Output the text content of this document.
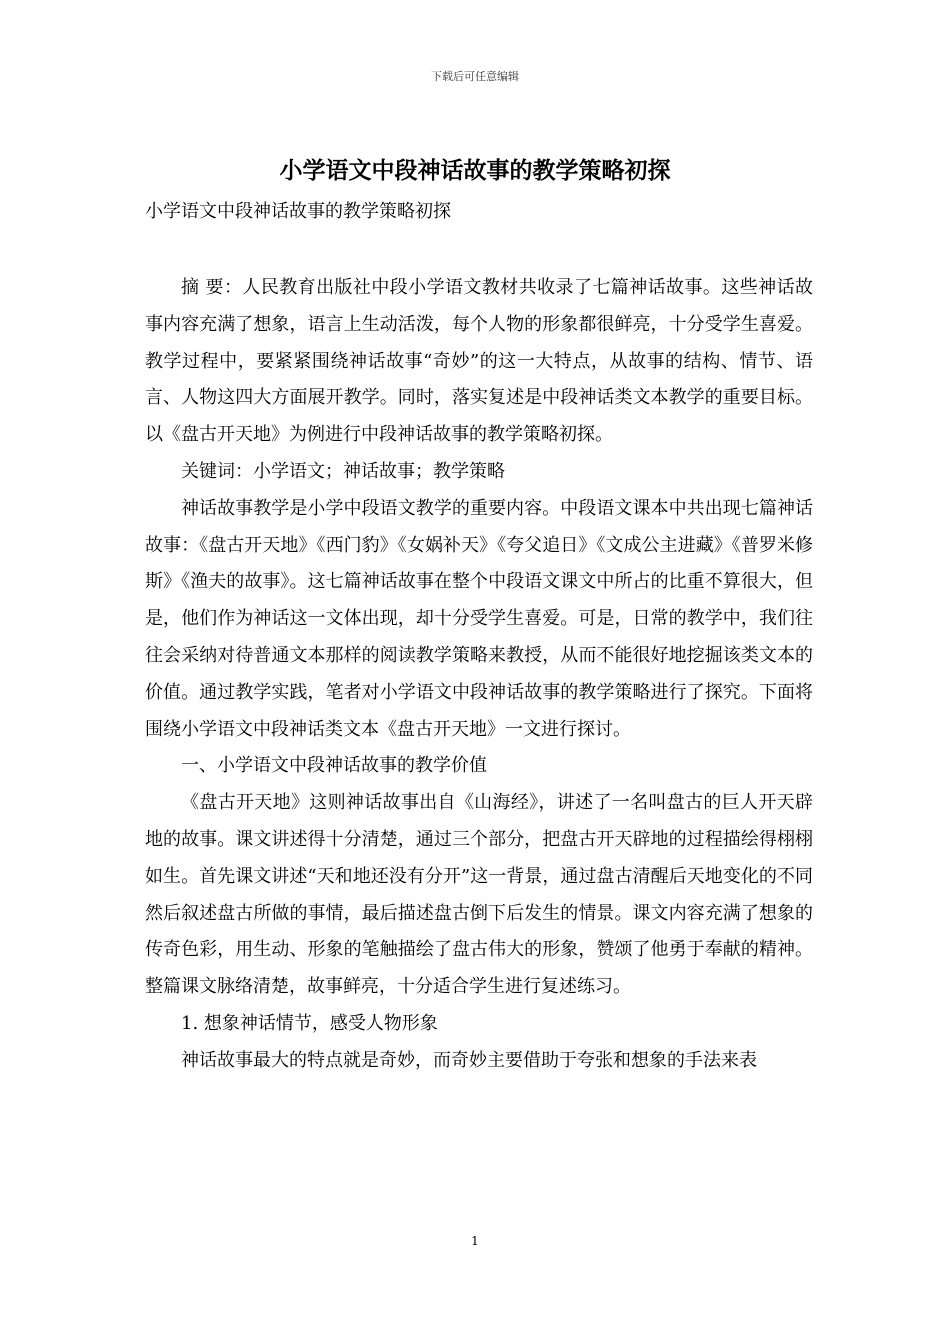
下载后可任意编辑
小学语文中段神话故事的教学策略初探
小学语文中段神话故事的教学策略初探

摘 要：人民教育出版社中段小学语文教材共收录了七篇神话故事。这些神话故事内容充满了想象，语言上生动活泼，每个人物的形象都很鲜亮，十分受学生喜爱。教学过程中，要紧紧围绕神话故事“奇妙”的这一大特点，从故事的结构、情节、语言、人物这四大方面展开教学。同时，落实复述是中段神话类文本教学的重要目标。以《盘古开天地》为例进行中段神话故事的教学策略初探。

关键词：小学语文；神话故事；教学策略

神话故事教学是小学中段语文教学的重要内容。中段语文课本中共出现七篇神话故事：《盘古开天地》《西门豹》《女娲补天》《夸父追日》《文成公主进藏》《普罗米修斯》《渔夫的故事》。这七篇神话故事在整个中段语文课文中所占的比重不算很大，但是，他们作为神话这一文体出现，却十分受学生喜爱。可是，日常的教学中，我们往往会采纳对待普通文本那样的阅读教学策略来教授，从而不能很好地挖掘该类文本的价值。通过教学实践，笔者对小学语文中段神话故事的教学策略进行了探究。下面将围绕小学语文中段神话类文本《盘古开天地》一文进行探讨。

一、小学语文中段神话故事的教学价值

《盘古开天地》这则神话故事出自《山海经》，讲述了一名叫盘古的巨人开天辟地的故事。课文讲述得十分清楚，通过三个部分，把盘古开天辟地的过程描绘得栩栩如生。首先课文讲述“天和地还没有分开”这一背景，通过盘古清醒后天地变化的不同然后叙述盘古所做的事情，最后描述盘古倒下后发生的情景。课文内容充满了想象的传奇色彩，用生动、形象的笔触描绘了盘古伟大的形象，赞颂了他勇于奉献的精神。整篇课文脉络清楚，故事鲜亮，十分适合学生进行复述练习。

1. 想象神话情节，感受人物形象

神话故事最大的特点就是奇妙，而奇妙主要借助于夸张和想象的手法来表

1
